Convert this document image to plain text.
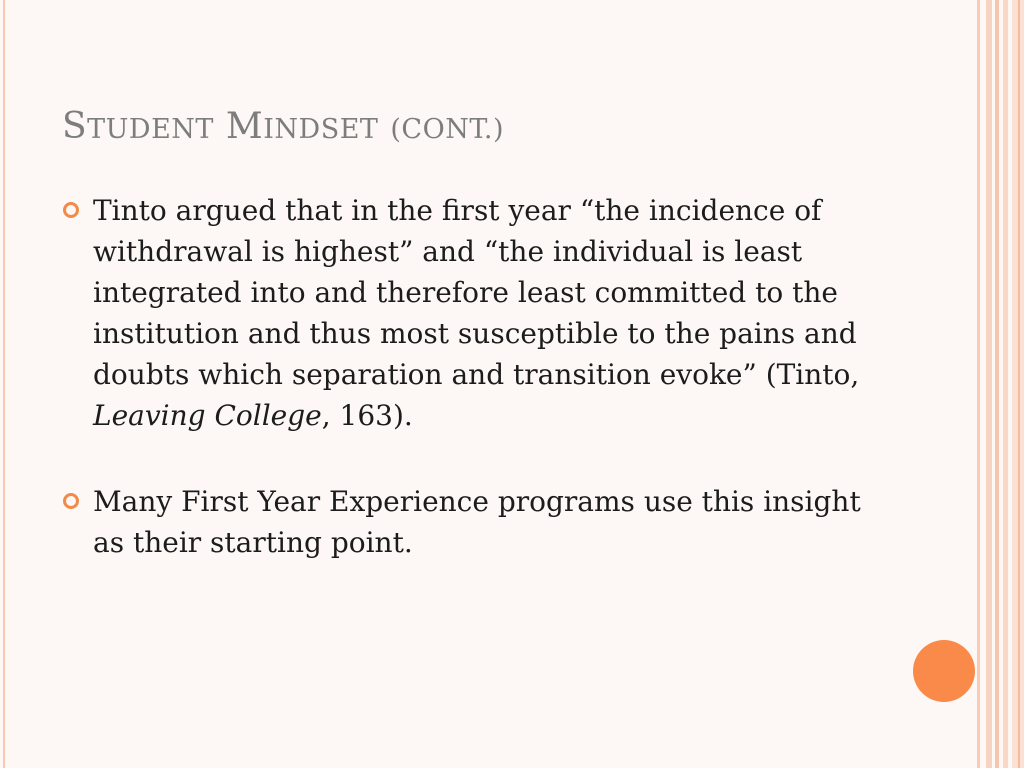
STUDENT MINDSET (CONT.)
Tinto argued that in the first year “the incidence of withdrawal is highest” and “the individual is least integrated into and therefore least committed to the institution and thus most susceptible to the pains and doubts which separation and transition evoke” (Tinto, Leaving College, 163).
Many First Year Experience programs use this insight as their starting point.
